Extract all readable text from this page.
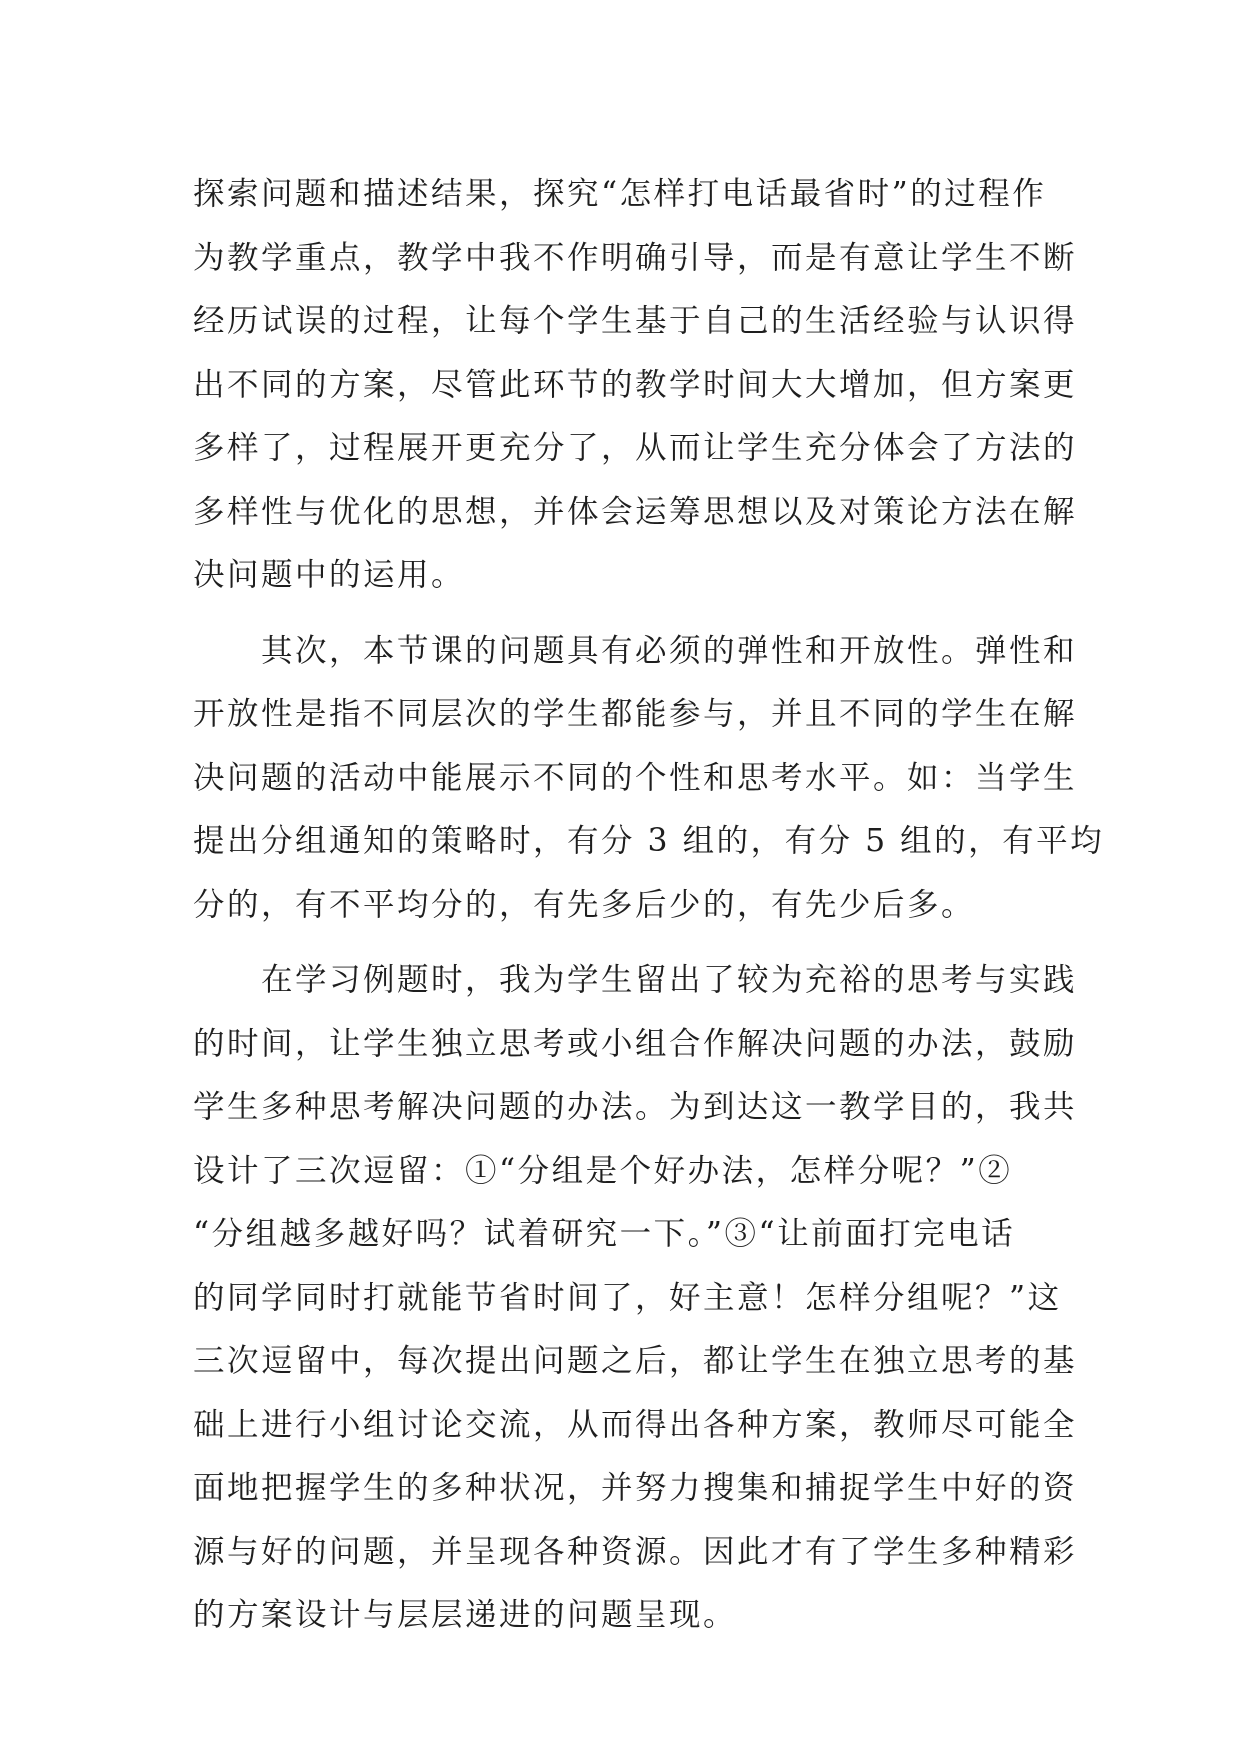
探索问题和描述结果，探究“怎样打电话最省时”的过程作
为教学重点，教学中我不作明确引导，而是有意让学生不断
经历试误的过程，让每个学生基于自己的生活经验与认识得
出不同的方案，尽管此环节的教学时间大大增加，但方案更
多样了，过程展开更充分了，从而让学生充分体会了方法的
多样性与优化的思想，并体会运筹思想以及对策论方法在解
决问题中的运用。
　　其次，本节课的问题具有必须的弹性和开放性。弹性和
开放性是指不同层次的学生都能参与，并且不同的学生在解
决问题的活动中能展示不同的个性和思考水平。如：当学生
提出分组通知的策略时，有分 3 组的，有分 5 组的，有平均
分的，有不平均分的，有先多后少的，有先少后多。
　　在学习例题时，我为学生留出了较为充裕的思考与实践
的时间，让学生独立思考或小组合作解决问题的办法，鼓励
学生多种思考解决问题的办法。为到达这一教学目的，我共
设计了三次逗留：①“分组是个好办法，怎样分呢？”②
“分组越多越好吗？试着研究一下。”③“让前面打完电话
的同学同时打就能节省时间了，好主意！怎样分组呢？”这
三次逗留中，每次提出问题之后，都让学生在独立思考的基
础上进行小组讨论交流，从而得出各种方案，教师尽可能全
面地把握学生的多种状况，并努力搜集和捕捉学生中好的资
源与好的问题，并呈现各种资源。因此才有了学生多种精彩
的方案设计与层层递进的问题呈现。
